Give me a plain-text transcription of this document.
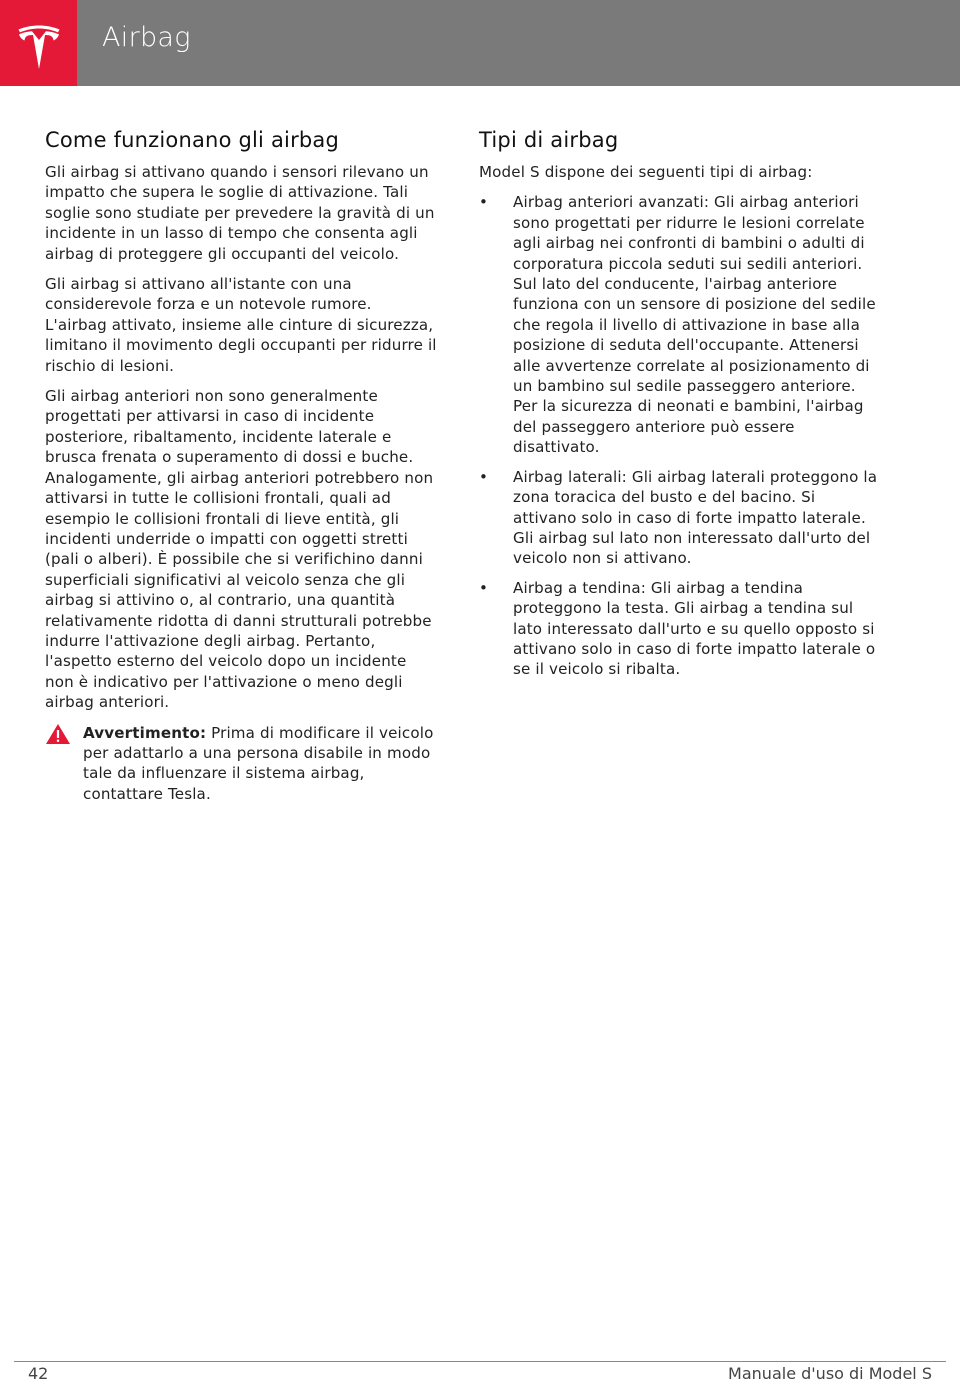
Airbag
Come funzionano gli airbag

Gli airbag si attivano quando i sensori rilevano un impatto che supera le soglie di attivazione. Tali soglie sono studiate per prevedere la gravità di un incidente in un lasso di tempo che consenta agli airbag di proteggere gli occupanti del veicolo.

Gli airbag si attivano all'istante con una considerevole forza e un notevole rumore. L'airbag attivato, insieme alle cinture di sicurezza, limitano il movimento degli occupanti per ridurre il rischio di lesioni.

Gli airbag anteriori non sono generalmente progettati per attivarsi in caso di incidente posteriore, ribaltamento, incidente laterale e brusca frenata o superamento di dossi e buche. Analogamente, gli airbag anteriori potrebbero non attivarsi in tutte le collisioni frontali, quali ad esempio le collisioni frontali di lieve entità, gli incidenti underride o impatti con oggetti stretti (pali o alberi). È possibile che si verifichino danni superficiali significativi al veicolo senza che gli airbag si attivino o, al contrario, una quantità relativamente ridotta di danni strutturali potrebbe indurre l'attivazione degli airbag. Pertanto, l'aspetto esterno del veicolo dopo un incidente non è indicativo per l'attivazione o meno degli airbag anteriori.

Avvertimento: Prima di modificare il veicolo per adattarlo a una persona disabile in modo tale da influenzare il sistema airbag, contattare Tesla.

Tipi di airbag

Model S dispone dei seguenti tipi di airbag:

• Airbag anteriori avanzati: Gli airbag anteriori sono progettati per ridurre le lesioni correlate agli airbag nei confronti di bambini o adulti di corporatura piccola seduti sui sedili anteriori. Sul lato del conducente, l'airbag anteriore funziona con un sensore di posizione del sedile che regola il livello di attivazione in base alla posizione di seduta dell'occupante. Attenersi alle avvertenze correlate al posizionamento di un bambino sul sedile passeggero anteriore. Per la sicurezza di neonati e bambini, l'airbag del passeggero anteriore può essere disattivato.
• Airbag laterali: Gli airbag laterali proteggono la zona toracica del busto e del bacino. Si attivano solo in caso di forte impatto laterale. Gli airbag sul lato non interessato dall'urto del veicolo non si attivano.
• Airbag a tendina: Gli airbag a tendina proteggono la testa. Gli airbag a tendina sul lato interessato dall'urto e su quello opposto si attivano solo in caso di forte impatto laterale o se il veicolo si ribalta.
42	Manuale d'uso di Model S
